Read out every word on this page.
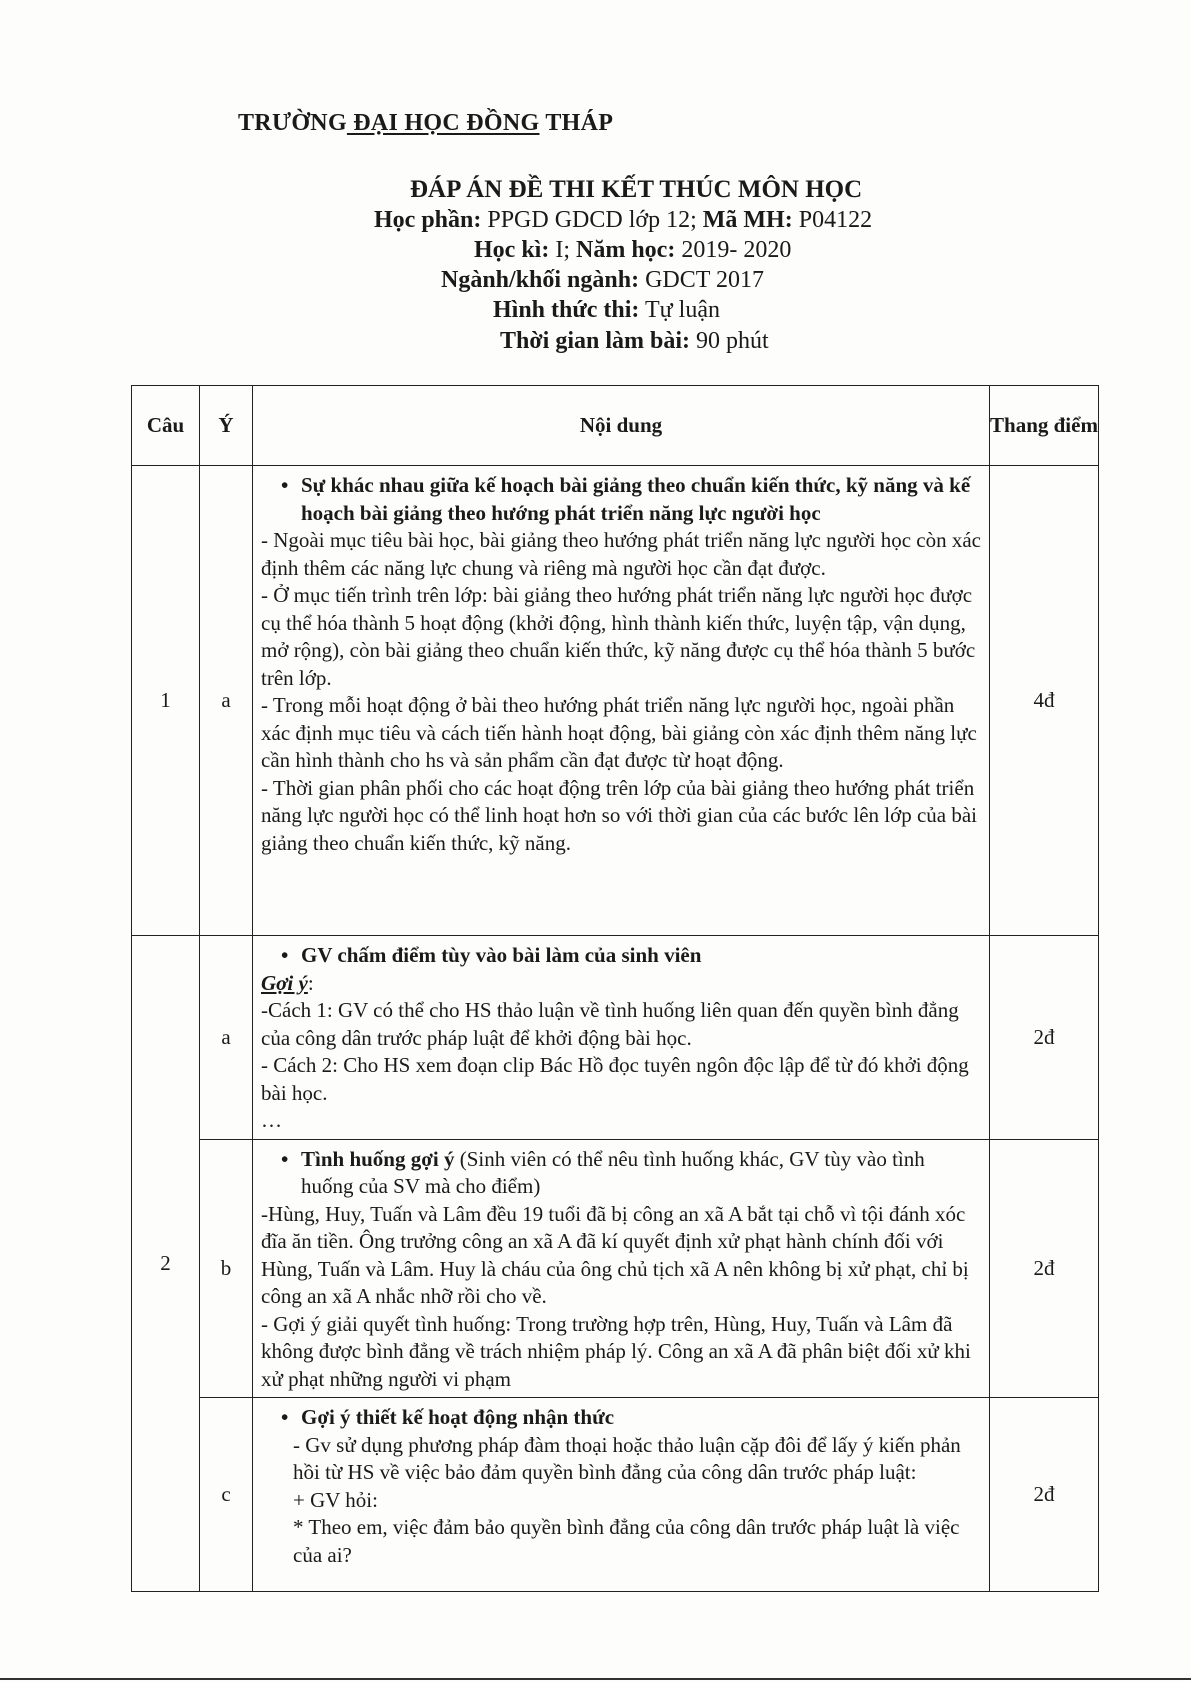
TRƯỜNG ĐẠI HỌC ĐỒNG THÁP
ĐÁP ÁN ĐỀ THI KẾT THÚC MÔN HỌC
Học phần: PPGD GDCD lớp 12; Mã MH: P04122
Học kì: I; Năm học: 2019- 2020
Ngành/khối ngành: GDCT 2017
Hình thức thi: Tự luận
Thời gian làm bài: 90 phút
Câu	Ý	Nội dung	Thang điểm
1	a	• Sự khác nhau giữa kế hoạch bài giảng theo chuẩn kiến thức, kỹ năng và kế hoạch bài giảng theo hướng phát triển năng lực người học

- Ngoài mục tiêu bài học, bài giảng theo hướng phát triển năng lực người học còn xác định thêm các năng lực chung và riêng mà người học cần đạt được.

- Ở mục tiến trình trên lớp: bài giảng theo hướng phát triển năng lực người học được cụ thể hóa thành 5 hoạt động (khởi động, hình thành kiến thức, luyện tập, vận dụng, mở rộng), còn bài giảng theo chuẩn kiến thức, kỹ năng được cụ thể hóa thành 5 bước trên lớp.

- Trong mỗi hoạt động ở bài theo hướng phát triển năng lực người học, ngoài phần xác định mục tiêu và cách tiến hành hoạt động, bài giảng còn xác định thêm năng lực cần hình thành cho hs và sản phẩm cần đạt được từ hoạt động.

- Thời gian phân phối cho các hoạt động trên lớp của bài giảng theo hướng phát triển năng lực người học có thể linh hoạt hơn so với thời gian của các bước lên lớp của bài giảng theo chuẩn kiến thức, kỹ năng.	4đ
2	a	• GV chấm điểm tùy vào bài làm của sinh viên

Gợi ý:

-Cách 1: GV có thể cho HS thảo luận về tình huống liên quan đến quyền bình đẳng của công dân trước pháp luật để khởi động bài học.

- Cách 2: Cho HS xem đoạn clip Bác Hồ đọc tuyên ngôn độc lập để từ đó khởi động bài học.

…	2đ
	b	• Tình huống gợi ý (Sinh viên có thể nêu tình huống khác, GV tùy vào tình huống của SV mà cho điểm)

-Hùng, Huy, Tuấn và Lâm đều 19 tuổi đã bị công an xã A bắt tại chỗ vì tội đánh xóc đĩa ăn tiền. Ông trưởng công an xã A đã kí quyết định xử phạt hành chính đối với Hùng, Tuấn và Lâm. Huy là cháu của ông chủ tịch xã A nên không bị xử phạt, chỉ bị công an xã A nhắc nhỡ rồi cho về.

- Gợi ý giải quyết tình huống: Trong trường hợp trên, Hùng, Huy, Tuấn và Lâm đã không được bình đẳng về trách nhiệm pháp lý. Công an xã A đã phân biệt đối xử khi xử phạt những người vi phạm	2đ
	c	• Gợi ý thiết kế hoạt động nhận thức

- Gv sử dụng phương pháp đàm thoại hoặc thảo luận cặp đôi để lấy ý kiến phản hồi từ HS về việc bảo đảm quyền bình đẳng của công dân trước pháp luật:

+ GV hỏi:

* Theo em, việc đảm bảo quyền bình đẳng của công dân trước pháp luật là việc của ai?	2đ
